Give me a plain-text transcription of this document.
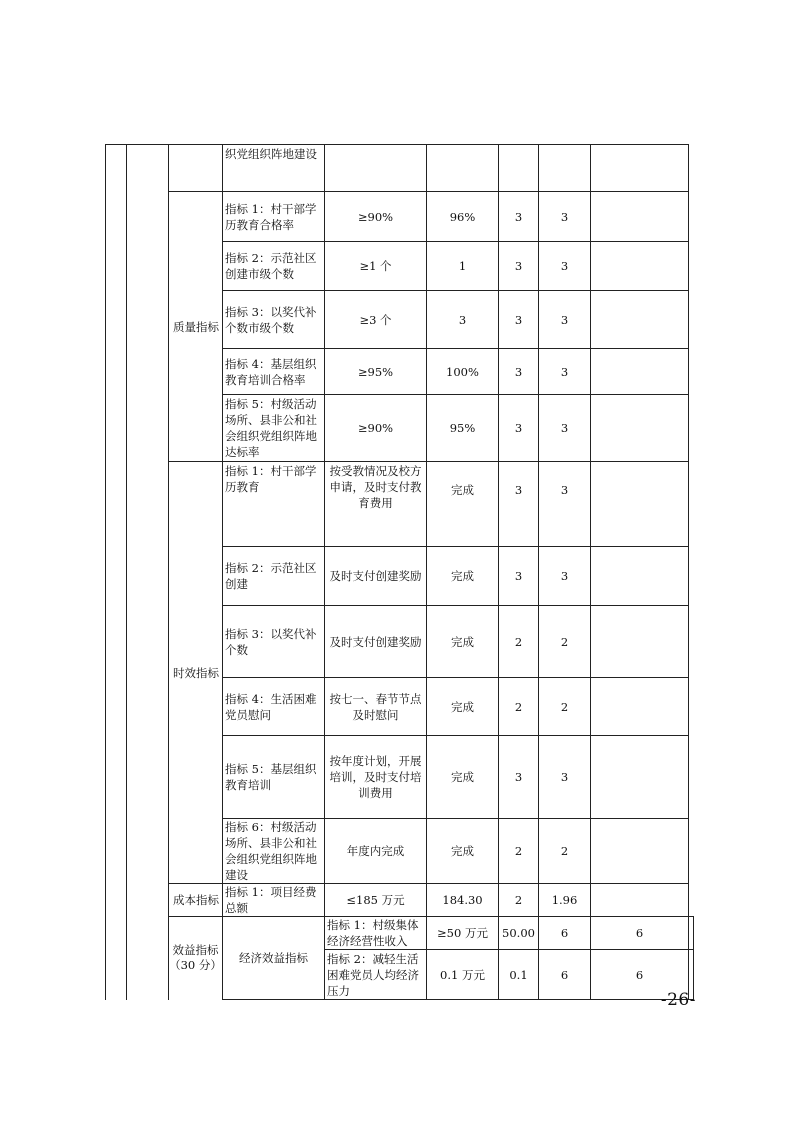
			织党组织阵地建设						
		质量指标	指标 1：村干部学历教育合格率	≥90%	96%	3	3		
			指标 2：示范社区创建市级个数	≥1 个	1	3	3		
			指标 3：以奖代补个数市级个数	≥3 个	3	3	3		
			指标 4：基层组织教育培训合格率	≥95%	100%	3	3		
			指标 5：村级活动场所、县非公和社会组织党组织阵地达标率	≥90%	95%	3	3		
		时效指标	指标 1：村干部学历教育	按受教情况及校方申请，及时支付教育费用	完成	3	3		
			指标 2：示范社区创建	及时支付创建奖励	完成	3	3		
			指标 3：以奖代补个数	及时支付创建奖励	完成	2	2		
			指标 4：生活困难党员慰问	按七一、春节节点及时慰问	完成	2	2		
			指标 5：基层组织教育培训	按年度计划，开展培训，及时支付培训费用	完成	3	3		
			指标 6：村级活动场所、县非公和社会组织党组织阵地建设	年度内完成	完成	2	2		
		成本指标	指标 1：项目经费总额	≤185 万元	184.30	2	1.96		
		效益指标（30 分）	经济效益指标	指标 1：村级集体经济经营性收入	≥50 万元	50.00	6	6	
				指标 2：减轻生活困难党员人均经济压力	0.1 万元	0.1	6	6	
-26-
